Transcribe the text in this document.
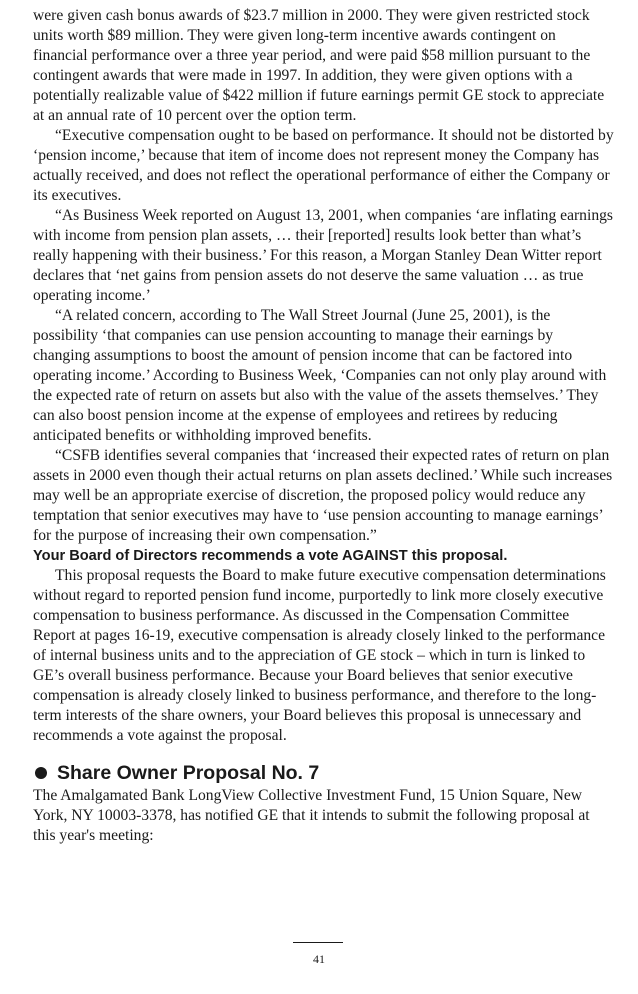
were given cash bonus awards of $23.7 million in 2000. They were given restricted stock units worth $89 million. They were given long-term incentive awards contingent on financial performance over a three year period, and were paid $58 million pursuant to the contingent awards that were made in 1997. In addition, they were given options with a potentially realizable value of $422 million if future earnings permit GE stock to appreciate at an annual rate of 10 percent over the option term.

“Executive compensation ought to be based on performance. It should not be distorted by ‘pension income,’ because that item of income does not represent money the Company has actually received, and does not reflect the operational performance of either the Company or its executives.

“As Business Week reported on August 13, 2001, when companies ‘are inflating earnings with income from pension plan assets, … their [reported] results look better than what’s really happening with their business.’ For this reason, a Morgan Stanley Dean Witter report declares that ‘net gains from pension assets do not deserve the same valuation … as true operating income.’

“A related concern, according to The Wall Street Journal (June 25, 2001), is the possibility ‘that companies can use pension accounting to manage their earnings by changing assumptions to boost the amount of pension income that can be factored into operating income.’ According to Business Week, ‘Companies can not only play around with the expected rate of return on assets but also with the value of the assets themselves.’ They can also boost pension income at the expense of employees and retirees by reducing anticipated benefits or withholding improved benefits.

“CSFB identifies several companies that ‘increased their expected rates of return on plan assets in 2000 even though their actual returns on plan assets declined.’ While such increases may well be an appropriate exercise of discretion, the proposed policy would reduce any temptation that senior executives may have to ‘use pension accounting to manage earnings’ for the purpose of increasing their own compensation.”

Your Board of Directors recommends a vote AGAINST this proposal.

This proposal requests the Board to make future executive compensation determinations without regard to reported pension fund income, purportedly to link more closely executive compensation to business performance. As discussed in the Compensation Committee Report at pages 16-19, executive compensation is already closely linked to the performance of internal business units and to the appreciation of GE stock – which in turn is linked to GE’s overall business performance. Because your Board believes that senior executive compensation is already closely linked to business performance, and therefore to the long-term interests of the share owners, your Board believes this proposal is unnecessary and recommends a vote against the proposal.

Share Owner Proposal No. 7

The Amalgamated Bank LongView Collective Investment Fund, 15 Union Square, New York, NY 10003-3378, has notified GE that it intends to submit the following proposal at this year's meeting:

41
